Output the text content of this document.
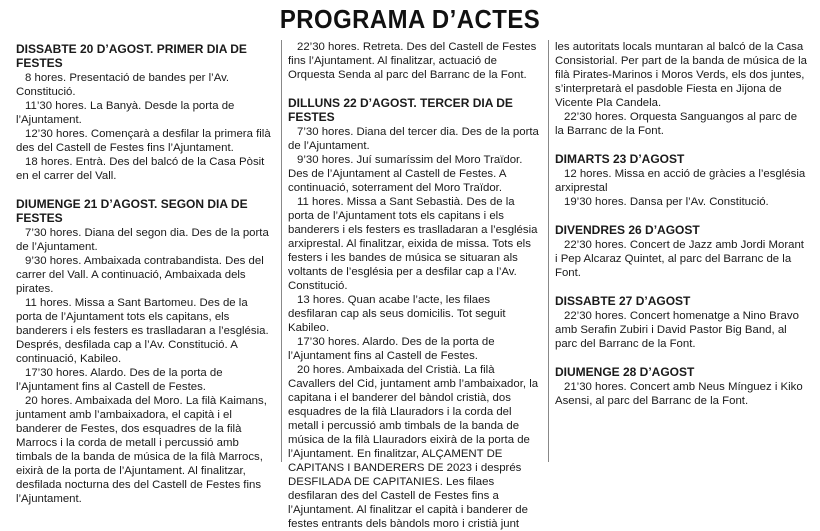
PROGRAMA D’ACTES
DISSABTE 20 D’AGOST. PRIMER DIA DE FESTES

8 hores. Presentació de bandes per l’Av. Constitució.

11’30 hores. La Banyà. Desde la porta de l’Ajuntament.

12’30 hores. Començarà a desfilar la primera filà des del Castell de Festes fins l’Ajuntament.

18 hores. Entrà. Des del balcó de la Casa Pòsit en el carrer del Vall.

DIUMENGE 21 D’AGOST. SEGON DIA DE FESTES

7’30 hores. Diana del segon dia. Des de la porta de l’Ajuntament.

9’30 hores. Ambaixada contrabandista. Des del carrer del Vall. A continuació, Ambaixada dels pirates.

11 hores. Missa a Sant Bartomeu. Des de la porta de l’Ajuntament tots els capitans, els banderers i els festers es traslladaran a l’església. Després, desfilada cap a l’Av. Constitució. A continuació, Kabileo.

17’30 hores. Alardo. Des de la porta de l’Ajuntament fins al Castell de Festes.

20 hores. Ambaixada del Moro. La filà Kaimans, juntament amb l’ambaixadora, el capità i el banderer de Festes, dos esquadres de la filà Marrocs i la corda de metall i percussió amb timbals de la banda de música de la filà Marrocs, eixirà de la porta de l’Ajuntament. Al finalitzar, desfilada nocturna des del Castell de Festes fins l’Ajuntament.

22’30 hores. Retreta. Des del Castell de Festes fins l’Ajuntament. Al finalitzar, actuació de Orquesta Senda al parc del Barranc de la Font.

DILLUNS 22 D’AGOST. TERCER DIA DE FESTES

7’30 hores. Diana del tercer dia. Des de la porta de l’Ajuntament.

9’30 hores. Juí sumaríssim del Moro Traïdor. Des de l’Ajuntament al Castell de Festes. A continuació, soterrament del Moro Traïdor.

11 hores. Missa a Sant Sebastià. Des de la porta de l’Ajuntament tots els capitans i els banderers i els festers es traslladaran a l’església arxiprestal. Al finalitzar, eixida de missa. Tots els festers i les bandes de música se situaran als voltants de l’església per a desfilar cap a l’Av. Constitució.

13 hores. Quan acabe l’acte, les filaes desfilaran cap als seus domicilis. Tot seguit Kabileo.

17’30 hores. Alardo. Des de la porta de l’Ajuntament fins al Castell de Festes.

20 hores. Ambaixada del Cristià. La filà Cavallers del Cid, juntament amb l’ambaixador, la capitana i el banderer del bàndol cristià, dos esquadres de la filà Llauradors i la corda del metall i percussió amb timbals de la banda de música de la filà Llauradors eixirà de la porta de l’Ajuntament. En finalitzar, ALÇAMENT DE CAPITANS I BANDERERS DE 2023 i després DESFILADA DE CAPITANIES. Les filaes desfilaran des del Castell de Festes fins a l’Ajuntament. Al finalitzar el capità i banderer de festes entrants dels bàndols moro i cristià junt

les autoritats locals muntaran al balcó de la Casa Consistorial. Per part de la banda de música de la filà Pirates-Marinos i Moros Verds, els dos juntes, s’interpretarà el pasdoble Fiesta en Jijona de Vicente Pla Candela.

22’30 hores. Orquesta Sanguangos al parc de la Barranc de la Font.

DIMARTS 23 D’AGOST

12 hores. Missa en acció de gràcies a l’església arxiprestal

19’30 hores. Dansa per l’Av. Constitució.

DIVENDRES 26 D’AGOST

22’30 hores. Concert de Jazz amb Jordi Morant i Pep Alcaraz Quintet, al parc del Barranc de la Font.

DISSABTE 27 D’AGOST

22’30 hores. Concert homenatge a Nino Bravo amb Serafin Zubiri i David Pastor Big Band, al parc del Barranc de la Font.

DIUMENGE 28 D’AGOST

21’30 hores. Concert amb Neus Mínguez i Kiko Asensi, al parc del Barranc de la Font.
